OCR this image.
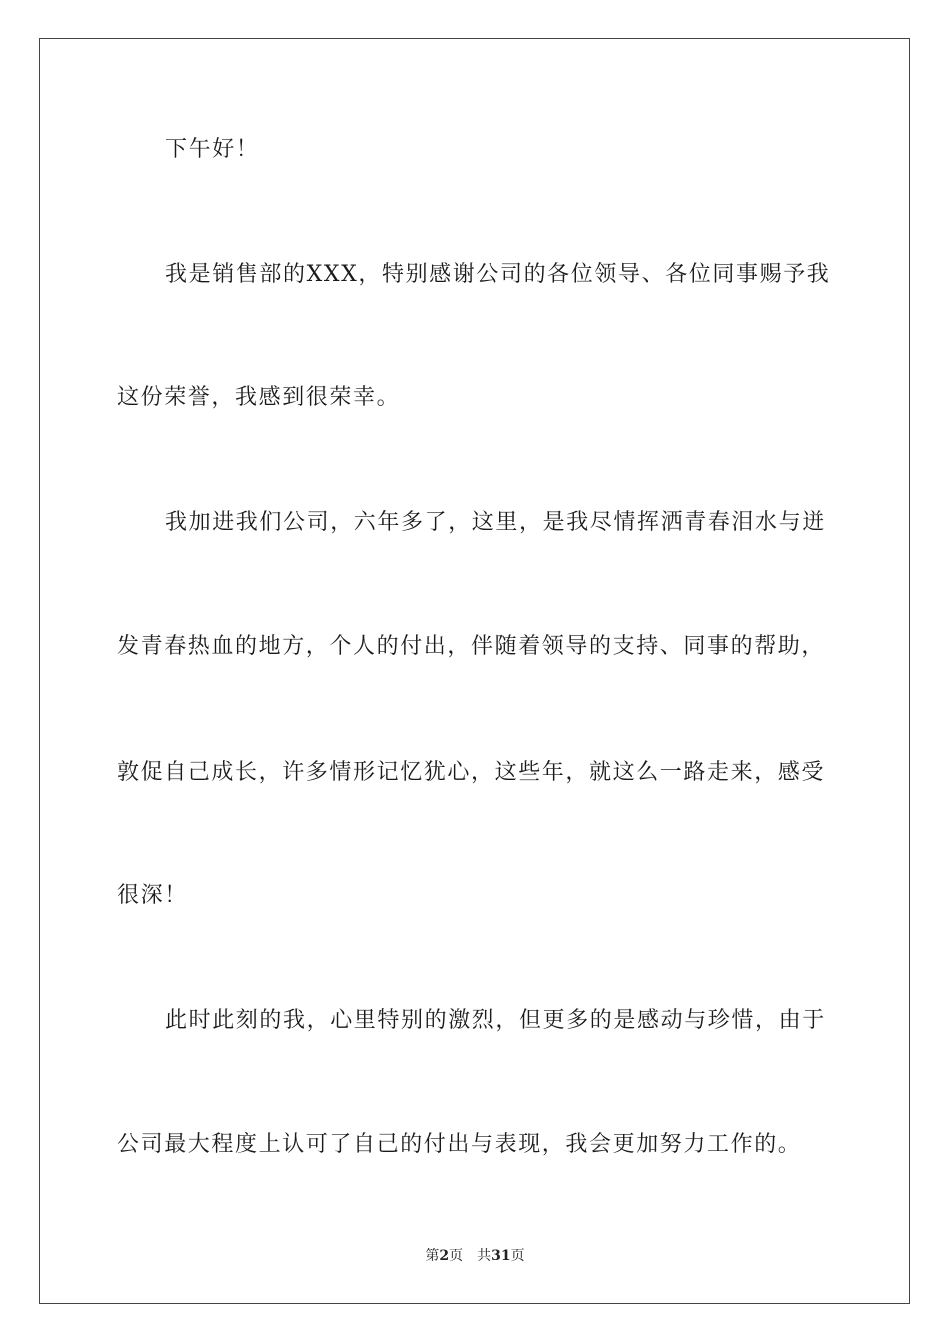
下午好！
我是销售部的XXX，特别感谢公司的各位领导、各位同事赐予我
这份荣誉，我感到很荣幸。
我加进我们公司，六年多了，这里，是我尽情挥洒青春泪水与迸
发青春热血的地方，个人的付出，伴随着领导的支持、同事的帮助，
敦促自己成长，许多情形记忆犹心，这些年，就这么一路走来，感受
很深！
此时此刻的我，心里特别的激烈，但更多的是感动与珍惜，由于
公司最大程度上认可了自己的付出与表现，我会更加努力工作的。
第2页 共31页
